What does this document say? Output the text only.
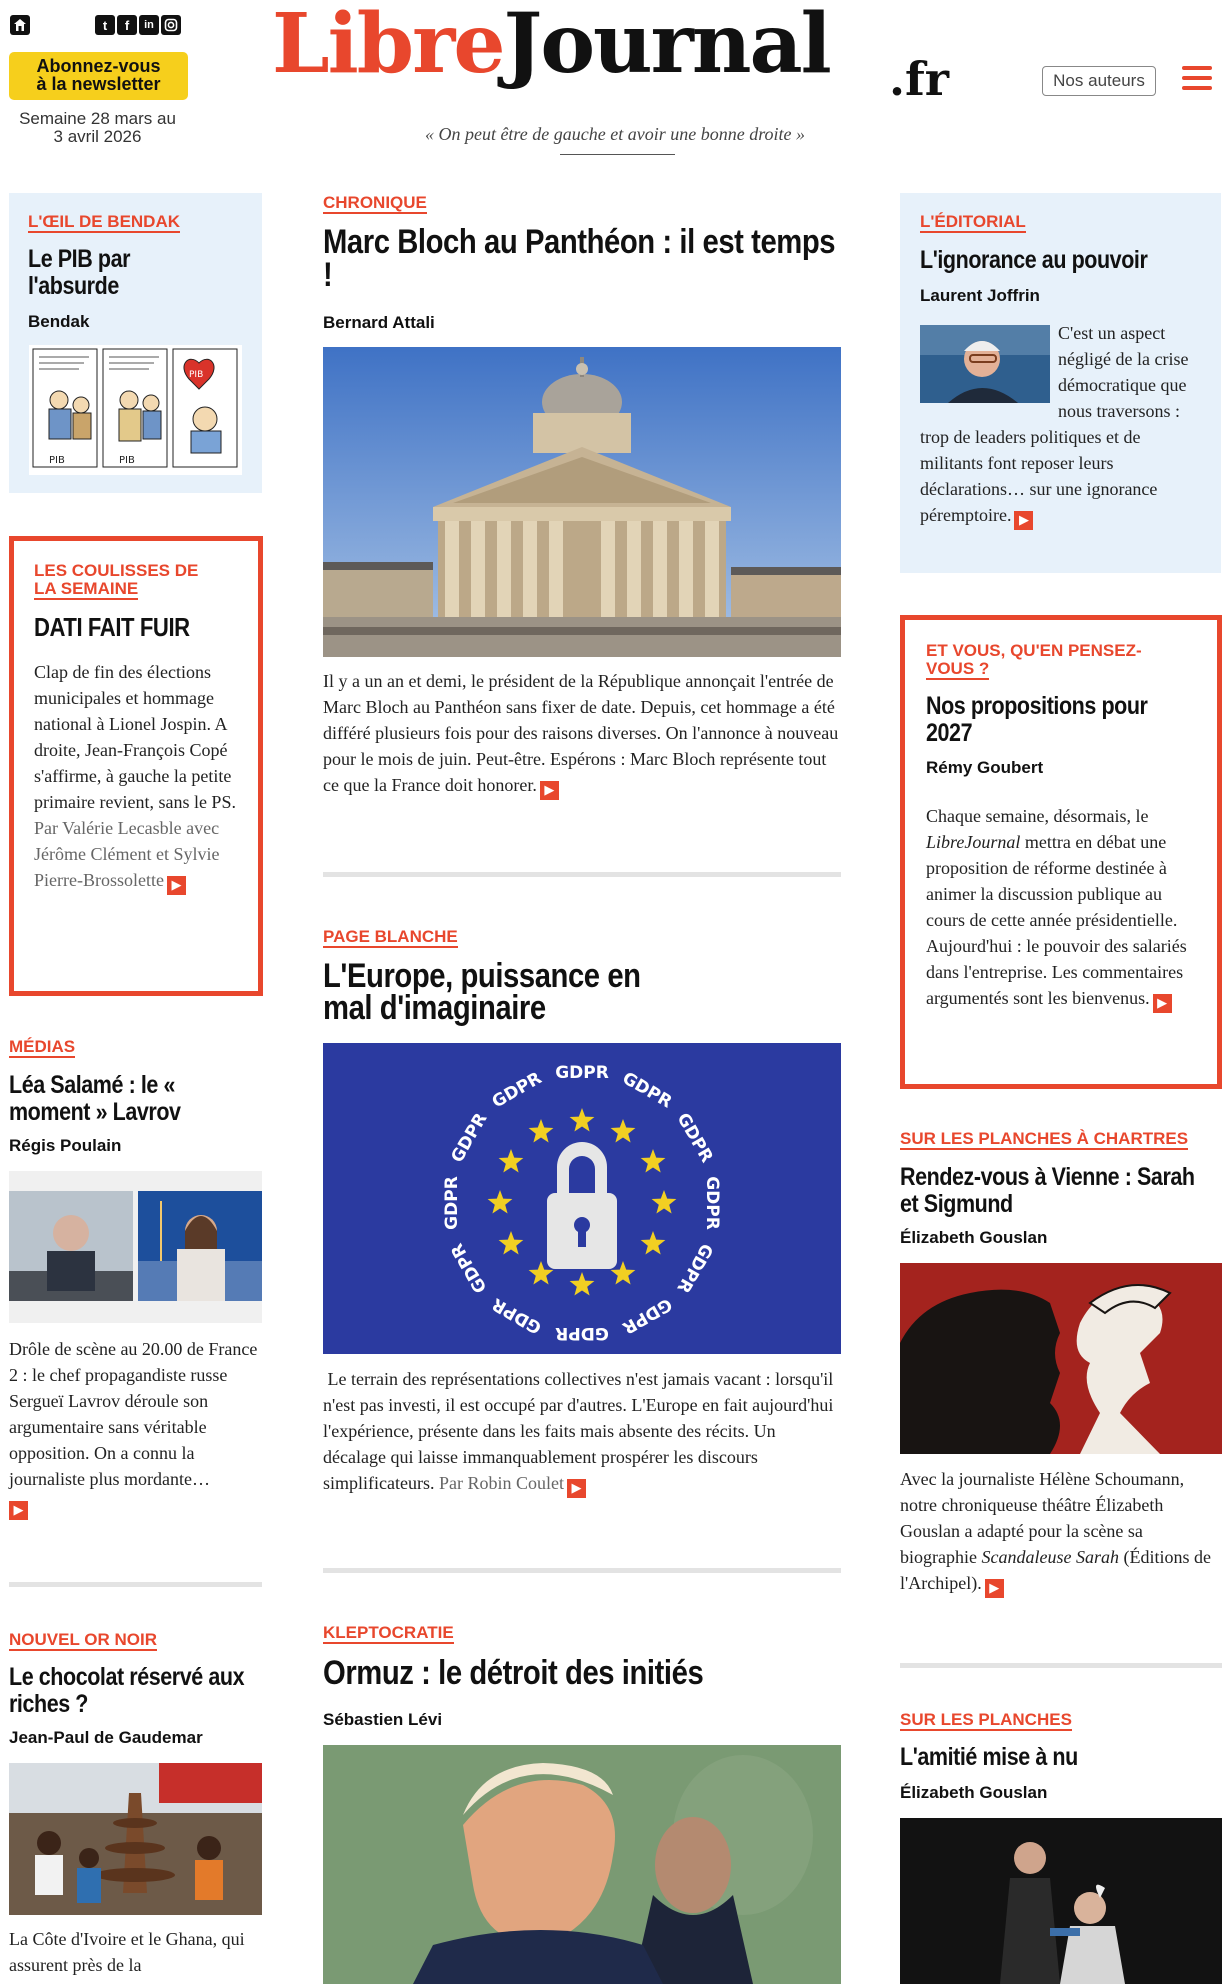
t	f	in
Abonnez-vous
à la newsletter
Semaine 28 mars au
3 avril 2026
LibreJournal .fr
« On peut être de gauche et avoir une bonne droite »
Nos auteurs
L'ŒIL DE BENDAK
Le PIB par l'absurde
Bendak
PIB	PIB
PIB
LES COULISSES DE
LA SEMAINE
DATI FAIT FUIR
Clap de fin des élections municipales et hommage national à Lionel Jospin. A droite, Jean-François Copé s'affirme, à gauche la petite primaire revient, sans le PS. Par Valérie Lecasble avec Jérôme Clément et Sylvie Pierre-Brossolette ▶
MÉDIAS
Léa Salamé : le « moment » Lavrov
Régis Poulain
Drôle de scène au 20.00 de France 2 : le chef propagandiste russe Sergueï Lavrov déroule son argumentaire sans véritable opposition. On a connu la journaliste plus mordante…
▶
NOUVEL OR NOIR
Le chocolat réservé aux riches ?
Jean-Paul de Gaudemar
La Côte d'Ivoire et le Ghana, qui assurent près de la
CHRONIQUE
Marc Bloch au Panthéon : il est temps !
Bernard Attali
Il y a un an et demi, le président de la République annonçait l'entrée de Marc Bloch au Panthéon sans fixer de date. Depuis, cet hommage a été différé plusieurs fois pour des raisons diverses. On l'annonce à nouveau pour le mois de juin. Peut-être. Espérons : Marc Bloch représente tout ce que la France doit honorer. ▶
PAGE BLANCHE
L'Europe, puissance en mal d'imaginaire
GDPR GDPR
GDPR
GDPR
GDPR
GDPR
GDPR
GDPR
GDPR
GDPR
GDPR
GDPR
Le terrain des représentations collectives n'est jamais vacant : lorsqu'il n'est pas investi, il est occupé par d'autres. L'Europe en fait aujourd'hui l'expérience, présente dans les faits mais absente des récits. Un décalage qui laisse immanquablement prospérer les discours simplificateurs. Par Robin Coulet ▶
KLEPTOCRATIE
Ormuz : le détroit des initiés
Sébastien Lévi
L'ÉDITORIAL
L'ignorance au pouvoir
Laurent Joffrin
C'est un aspect négligé de la crise démocratique que nous traversons : trop de leaders politiques et de militants font reposer leurs déclarations… sur une ignorance péremptoire. ▶
ET VOUS, QU'EN PENSEZ-
VOUS ?
Nos propositions pour 2027
Rémy Goubert
Chaque semaine, désormais, le LibreJournal mettra en débat une proposition de réforme destinée à animer la discussion publique au cours de cette année présidentielle. Aujourd'hui : le pouvoir des salariés dans l'entreprise. Les commentaires argumentés sont les bienvenus. ▶
SUR LES PLANCHES À CHARTRES
Rendez-vous à Vienne : Sarah et Sigmund
Élizabeth Gouslan
Avec la journaliste Hélène Schoumann, notre chroniqueuse théâtre Élizabeth Gouslan a adapté pour la scène sa biographie Scandaleuse Sarah (Éditions de l'Archipel). ▶
SUR LES PLANCHES
L'amitié mise à nu
Élizabeth Gouslan
